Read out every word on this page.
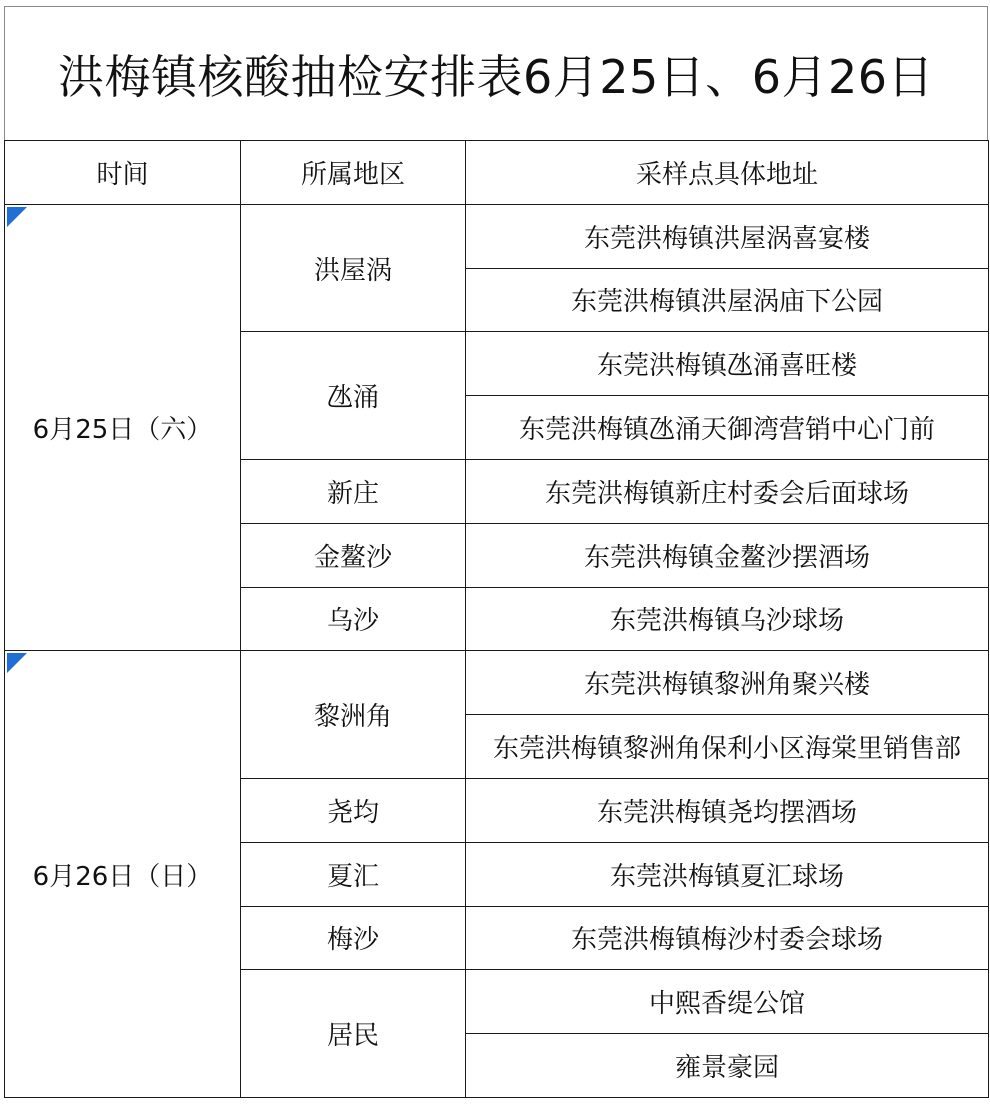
洪梅镇核酸抽检安排表6月25日、6月26日
时间	所属地区	采样点具体地址

6月25日（六）	洪屋涡	东莞洪梅镇洪屋涡喜宴楼
		东莞洪梅镇洪屋涡庙下公园
	氹涌	东莞洪梅镇氹涌喜旺楼
		东莞洪梅镇氹涌天御湾营销中心门前
	新庄	东莞洪梅镇新庄村委会后面球场
	金鳌沙	东莞洪梅镇金鳌沙摆酒场
	乌沙	东莞洪梅镇乌沙球场

6月26日（日）	黎洲角	东莞洪梅镇黎洲角聚兴楼
		东莞洪梅镇黎洲角保利小区海棠里销售部
	尧均	东莞洪梅镇尧均摆酒场
	夏汇	东莞洪梅镇夏汇球场
	梅沙	东莞洪梅镇梅沙村委会球场
	居民	中熙香缇公馆
		雍景豪园
